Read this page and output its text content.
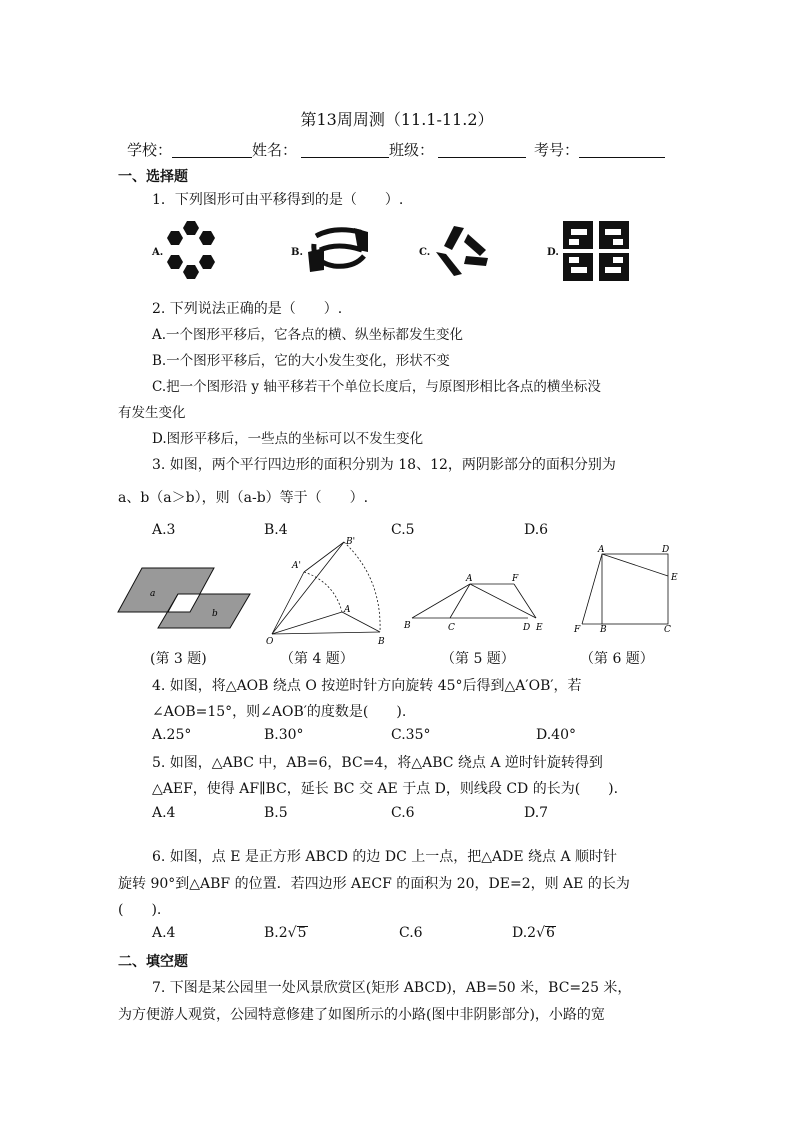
第13周周测（11.1-11.2）
学校：	姓名：	班级：	考号：
一、选择题
1．下列图形可由平移得到的是（　　）.
A.	B.	C.	D.
2. 下列说法正确的是（　　）.
A.一个图形平移后，它各点的横、纵坐标都发生变化
B.一个图形平移后，它的大小发生变化，形状不变
C.把一个图形沿 y 轴平移若干个单位长度后，与原图形相比各点的横坐标没
有发生变化
D.图形平移后，一些点的坐标可以不发生变化
3. 如图，两个平行四边形的面积分别为 18、12，两阴影部分的面积分别为
a、b（a＞b），则（a-b）等于（　　）.
A.3	B.4	C.5	D.6
a
b
B'
A'
A
O	B
A	F
B	C	D E
A	D
E
F B	C
(第 3 题)	（第 4 题）	（第 5 题）	（第 6 题）
4. 如图，将△AOB 绕点 O 按逆时针方向旋转 45°后得到△A′OB′，若
∠AOB=15°，则∠AOB′的度数是(　　).
A.25°	B.30°	C.35°	D.40°
5. 如图，△ABC 中，AB=6，BC=4，将△ABC 绕点 A 逆时针旋转得到
△AEF，使得 AF∥BC，延长 BC 交 AE 于点 D，则线段 CD 的长为(　　).
A.4	B.5	C.6	D.7
6. 如图，点 E 是正方形 ABCD 的边 DC 上一点，把△ADE 绕点 A 顺时针
旋转 90°到△ABF 的位置．若四边形 AECF 的面积为 20，DE=2，则 AE 的长为
(　　).
A.4	B.2√5	C.6	D.2√6
二、填空题
7. 下图是某公园里一处风景欣赏区(矩形 ABCD)，AB=50 米，BC=25 米，
为方便游人观赏，公园特意修建了如图所示的小路(图中非阴影部分)，小路的宽
